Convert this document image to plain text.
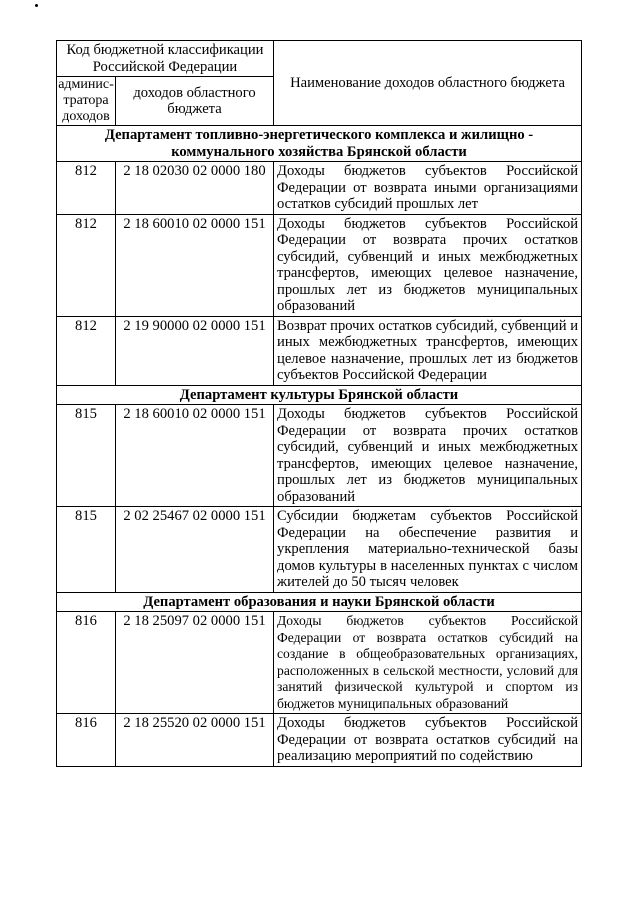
Код бюджетной классификации Российской Федерации		Наименование доходов областного бюджета
админис-тратора доходов	доходов областного бюджета	
Департамент топливно-энергетического комплекса и жилищно - коммунального хозяйства Брянской области		
812	2 18 02030 02 0000 180	Доходы бюджетов субъектов Российской Федерации от возврата иными организациями остатков субсидий прошлых лет
812	2 18 60010 02 0000 151	Доходы бюджетов субъектов Российской Федерации от возврата прочих остатков субсидий, субвенций и иных межбюджетных трансфертов, имеющих целевое назначение, прошлых лет из бюджетов муниципальных образований
812	2 19 90000 02 0000 151	Возврат прочих остатков субсидий, субвенций и иных межбюджетных трансфертов, имеющих целевое назначение, прошлых лет из бюджетов субъектов Российской Федерации
Департамент культуры Брянской области		
815	2 18 60010 02 0000 151	Доходы бюджетов субъектов Российской Федерации от возврата прочих остатков субсидий, субвенций и иных межбюджетных трансфертов, имеющих целевое назначение, прошлых лет из бюджетов муниципальных образований
815	2 02 25467 02 0000 151	Субсидии бюджетам субъектов Российской Федерации на обеспечение развития и укрепления материально-технической базы домов культуры в населенных пунктах с числом жителей до 50 тысяч человек
Департамент образования и науки Брянской области		
816	2 18 25097 02 0000 151	Доходы бюджетов субъектов Российской Федерации от возврата остатков субсидий на создание в общеобразовательных организациях, расположенных в сельской местности, условий для занятий физической культурой и спортом из бюджетов муниципальных образований
816	2 18 25520 02 0000 151	Доходы бюджетов субъектов Российской Федерации от возврата остатков субсидий на реализацию мероприятий по содействию
